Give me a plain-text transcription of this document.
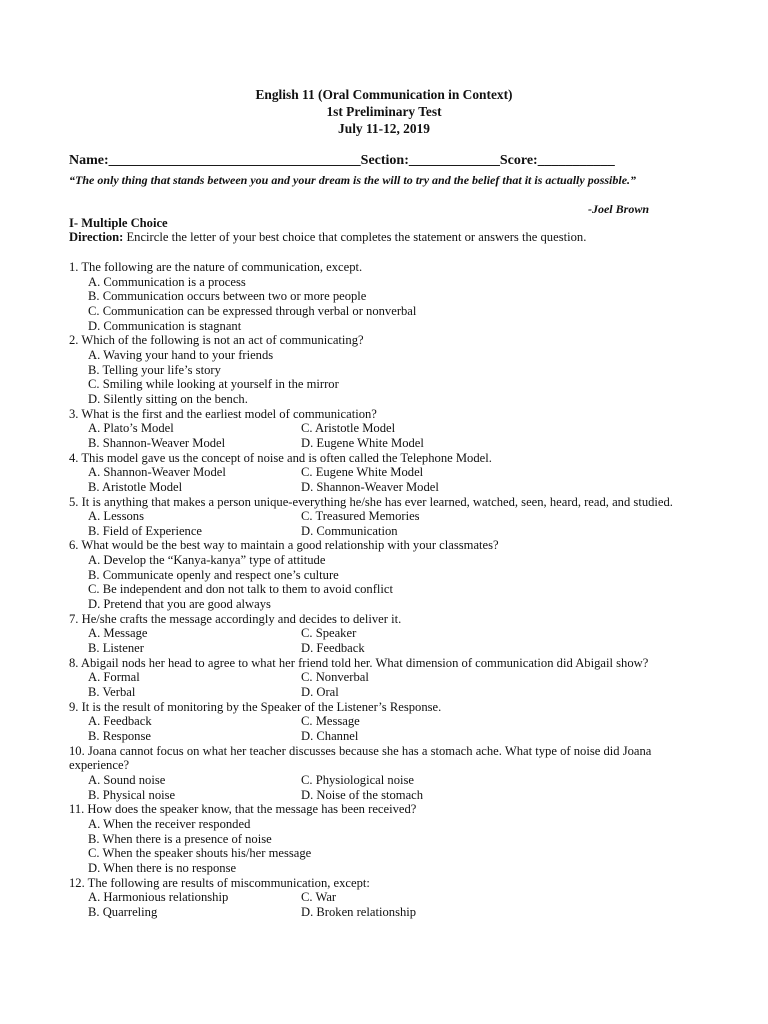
English 11 (Oral Communication in Context)
1st Preliminary Test
July 11-12, 2019
Name:____________________________________Section:_____________Score:___________
“The only thing that stands between you and your dream is the will to try and the belief that it is actually possible.”
-Joel Brown
I- Multiple Choice
Direction: Encircle the letter of your best choice that completes the statement or answers the question.
1. The following are the nature of communication, except.
A. Communication is a process
B. Communication occurs between two or more people
C. Communication can be expressed through verbal or nonverbal
D. Communication is stagnant
2. Which of the following is not an act of communicating?
A. Waving your hand to your friends
B. Telling your life’s story
C. Smiling while looking at yourself in the mirror
D. Silently sitting on the bench.
3. What is the first and the earliest model of communication?
A. Plato’s Model	C. Aristotle Model
B. Shannon-Weaver Model	D. Eugene White Model
4. This model gave us the concept of noise and is often called the Telephone Model.
A. Shannon-Weaver Model	C. Eugene White Model
B. Aristotle Model	D. Shannon-Weaver Model
5. It is anything that makes a person unique-everything he/she has ever learned, watched, seen, heard, read, and studied.
A. Lessons	C. Treasured Memories
B. Field of Experience	D. Communication
6. What would be the best way to maintain a good relationship with your classmates?
A. Develop the “Kanya-kanya” type of attitude
B. Communicate openly and respect one’s culture
C. Be independent and don not talk to them to avoid conflict
D. Pretend that you are good always
7. He/she crafts the message accordingly and decides to deliver it.
A. Message	C. Speaker
B. Listener	D. Feedback
8. Abigail nods her head to agree to what her friend told her. What dimension of communication did Abigail show?
A. Formal	C. Nonverbal
B. Verbal	D. Oral
9. It is the result of monitoring by the Speaker of the Listener’s Response.
A. Feedback	C. Message
B. Response	D. Channel
10. Joana cannot focus on what her teacher discusses because she has a stomach ache. What type of noise did Joana experience?
A. Sound noise	C. Physiological noise
B. Physical noise	D. Noise of the stomach
11. How does the speaker know, that the message has been received?
A. When the receiver responded
B. When there is a presence of noise
C. When the speaker shouts his/her message
D. When there is no response
12. The following are results of miscommunication, except:
A. Harmonious relationship	C. War
B. Quarreling	D. Broken relationship
